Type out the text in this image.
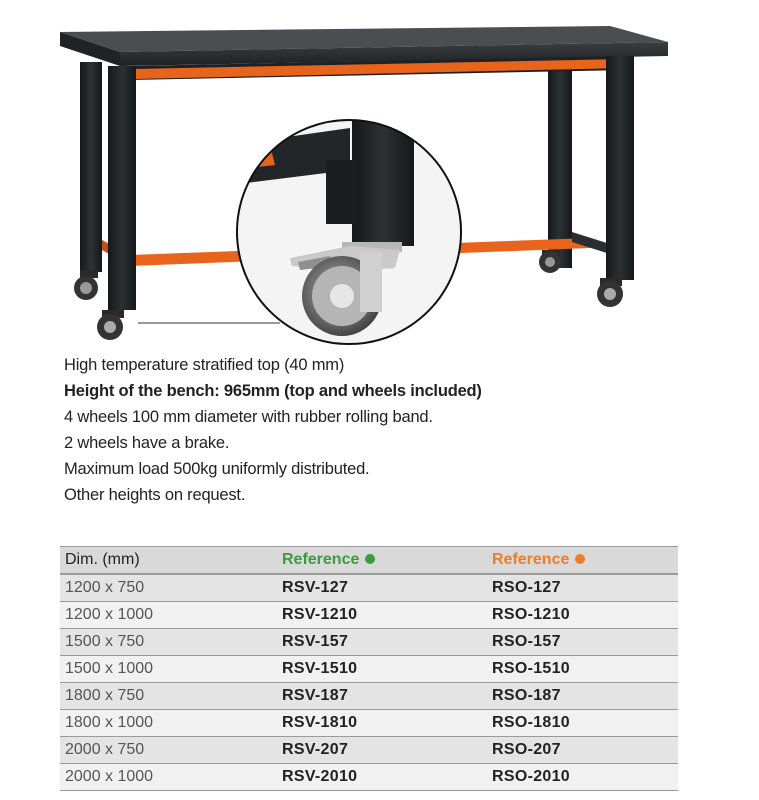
High temperature stratified top (40 mm)
Height of the bench: 965mm (top and wheels included)
4 wheels 100 mm diameter with rubber rolling band.
2 wheels have a brake.
Maximum load 500kg uniformly distributed.
Other heights on request.
Dim. (mm)	Reference	Reference
1200 x 750	RSV-127	RSO-127
1200 x 1000	RSV-1210	RSO-1210
1500 x 750	RSV-157	RSO-157
1500 x 1000	RSV-1510	RSO-1510
1800 x 750	RSV-187	RSO-187
1800 x 1000	RSV-1810	RSO-1810
2000 x 750	RSV-207	RSO-207
2000 x 1000	RSV-2010	RSO-2010
